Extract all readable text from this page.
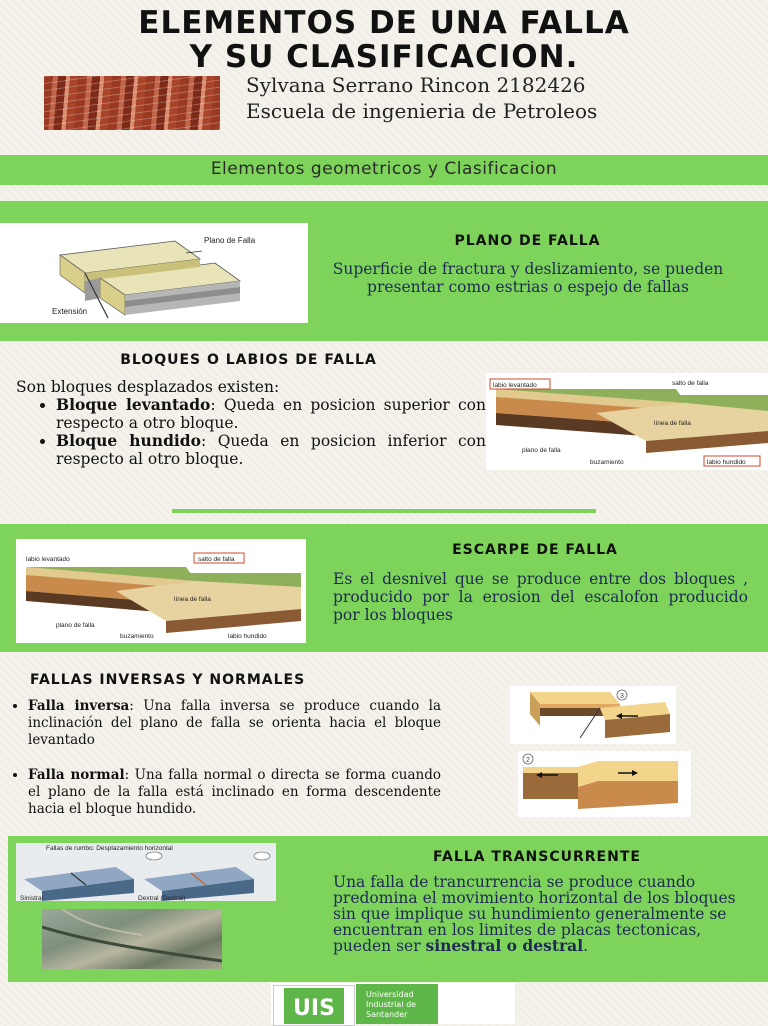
ELEMENTOS DE UNA FALLA
Y SU CLASIFICACION.
Sylvana Serrano Rincon 2182426
Escuela de ingenieria de Petroleos
Elementos geometricos y Clasificacion
Plano de Falla
Extensión
PLANO DE FALLA
Superficie de fractura y deslizamiento, se pueden presentar como estrias o espejo de fallas
BLOQUES O LABIOS DE FALLA
Son bloques desplazados existen:
• Bloque levantado: Queda en posicion superior con respecto a otro bloque.
• Bloque hundido: Queda en posicion inferior con respecto al otro bloque.
labio levantado	salto de falla
línea de falla
plano de falla
buzamiento	labio hundido
labio levantado	salto de falla
línea de falla
plano de falla
buzamiento	labio hundido
ESCARPE DE FALLA
Es el desnivel que se produce entre dos bloques , producido por la erosion del escalofon producido por los bloques
FALLAS INVERSAS Y NORMALES
• Falla inversa: Una falla inversa se produce cuando la inclinación del plano de falla se orienta hacia el bloque levantado
• Falla normal: Una falla normal o directa se forma cuando el plano de la falla está inclinado en forma descendente hacia el bloque hundido.
3
2
Fallas de rumbo: Desplazamiento horizontal
Sinistral	Dextral (Destral)
FALLA TRANSCURRENTE
Una falla de trancurrencia se produce cuando predomina el movimiento horizontal de los bloques sin que implique su hundimiento generalmente se encuentran en los limites de placas tectonicas, pueden ser sinestral o destral.
UIS
Universidad
Industrial de
Santander
